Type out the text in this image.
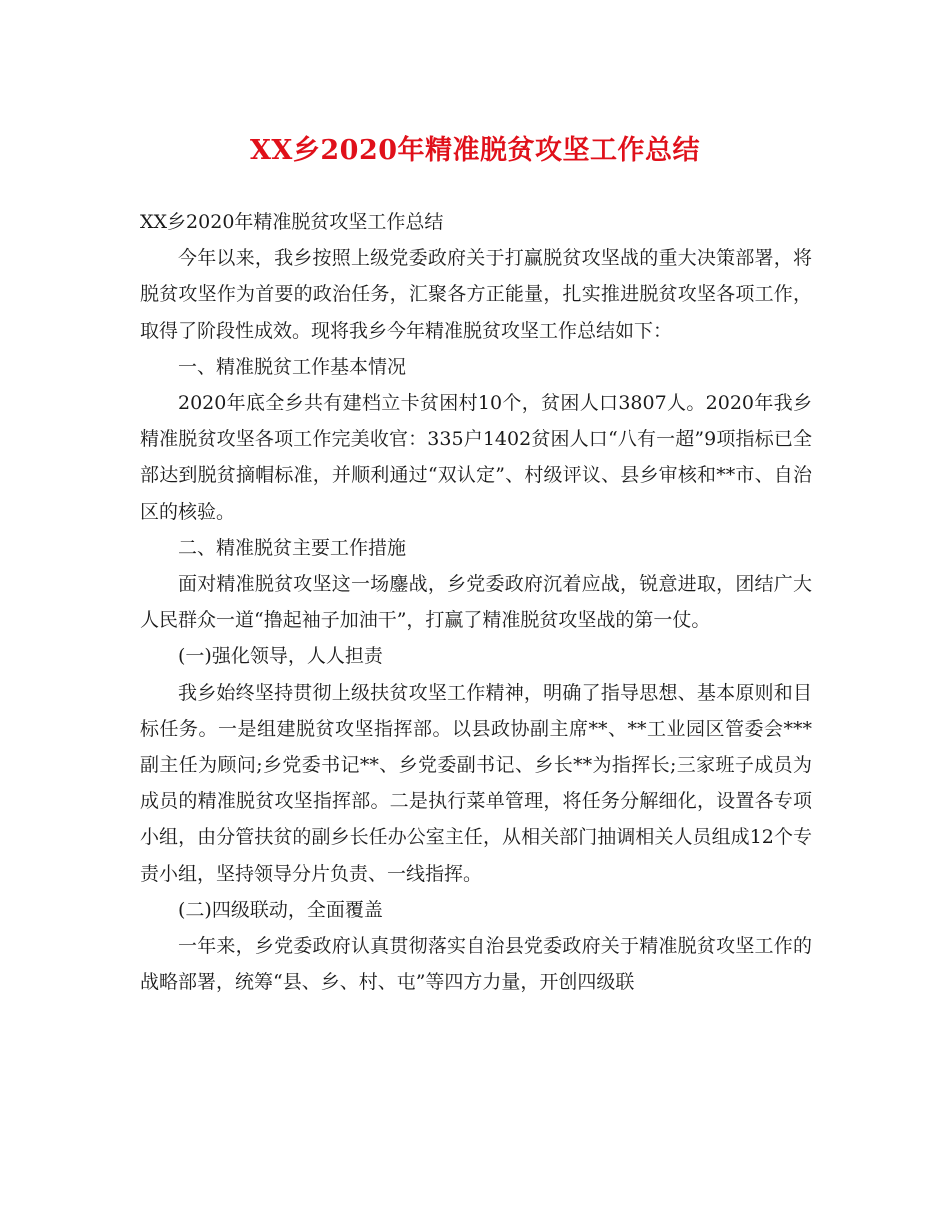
XX乡2020年精准脱贫攻坚工作总结

XX乡2020年精准脱贫攻坚工作总结

今年以来，我乡按照上级党委政府关于打赢脱贫攻坚战的重大决策部署，将脱贫攻坚作为首要的政治任务，汇聚各方正能量，扎实推进脱贫攻坚各项工作，取得了阶段性成效。现将我乡今年精准脱贫攻坚工作总结如下：

一、精准脱贫工作基本情况

2020年底全乡共有建档立卡贫困村10个，贫困人口3807人。2020年我乡精准脱贫攻坚各项工作完美收官：335户1402贫困人口“八有一超”9项指标已全部达到脱贫摘帽标准，并顺利通过“双认定”、村级评议、县乡审核和**市、自治区的核验。

二、精准脱贫主要工作措施

面对精准脱贫攻坚这一场鏖战，乡党委政府沉着应战，锐意进取，团结广大人民群众一道“撸起袖子加油干”，打赢了精准脱贫攻坚战的第一仗。

(一)强化领导，人人担责

我乡始终坚持贯彻上级扶贫攻坚工作精神，明确了指导思想、基本原则和目标任务。一是组建脱贫攻坚指挥部。以县政协副主席**、**工业园区管委会***副主任为顾问;乡党委书记**、乡党委副书记、乡长**为指挥长;三家班子成员为成员的精准脱贫攻坚指挥部。二是执行菜单管理，将任务分解细化，设置各专项小组，由分管扶贫的副乡长任办公室主任，从相关部门抽调相关人员组成12个专责小组，坚持领导分片负责、一线指挥。

(二)四级联动，全面覆盖

一年来，乡党委政府认真贯彻落实自治县党委政府关于精准脱贫攻坚工作的战略部署，统筹“县、乡、村、屯”等四方力量，开创四级联
